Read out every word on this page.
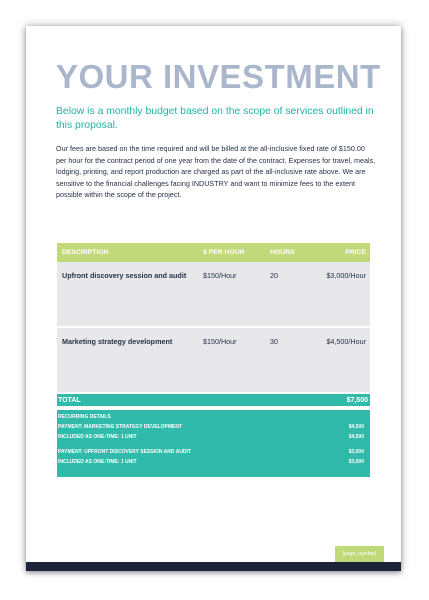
YOUR INVESTMENT
Below is a monthly budget based on the scope of services outlined in this proposal.
Our fees are based on the time required and will be billed at the all-inclusive fixed rate of $150.00 per hour for the contract period of one year from the date of the contract. Expenses for travel, meals, lodging, printing, and report production are charged as part of the all-inclusive rate above. We are sensitive to the financial challenges facing INDUSTRY and want to minimize fees to the extent possible within the scope of the project.
DESCRIPTION	$ PER HOUR	HOURS	PRICE
Upfront discovery session and audit	$150/Hour	20	$3,000/Hour
Marketing strategy development	$150/Hour	30	$4,500/Hour
TOTAL	$7,500
RECURRING DETAILS
PAYMENT: MARKETING STRATEGY DEVELOPMENT	$4,500
INCLUDED AS ONE-TIME: 1 UNIT	$4,500
PAYMENT: UPFRONT DISCOVERY SESSION AND AUDIT	$3,000
INCLUDED AS ONE-TIME: 1 UNIT	$3,000
[page_number]
